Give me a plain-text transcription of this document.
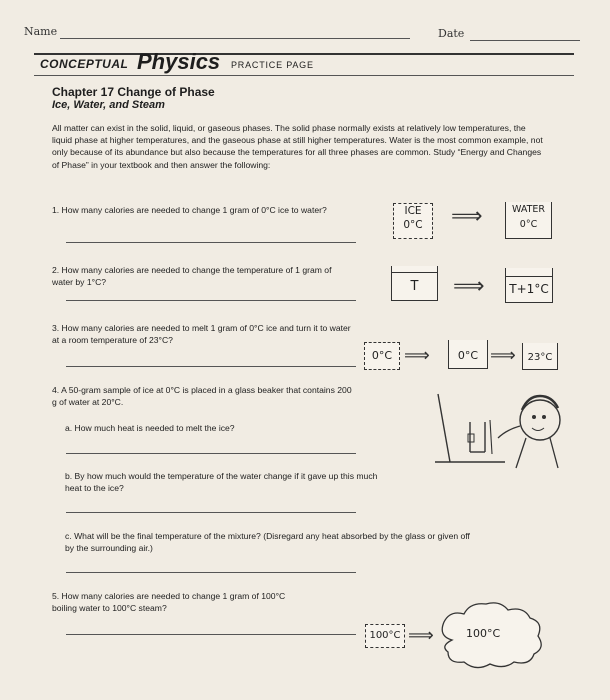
Name	Date
CONCEPTUAL Physics PRACTICE PAGE
Chapter 17 Change of Phase
Ice, Water, and Steam
All matter can exist in the solid, liquid, or gaseous phases. The solid phase normally exists at relatively low temperatures, the liquid phase at higher temperatures, and the gaseous phase at still higher temperatures. Water is the most common example, not only because of its abundance but also because the temperatures for all three phases are common. Study “Energy and Changes of Phase” in your textbook and then answer the following:
1. How many calories are needed to change 1 gram of 0°C ice to water?	ICE
0°C	⟹	WATER
0°C
2. How many calories are needed to change the temperature of 1 gram of water by 1°C?	T	⟹	T+1°C
3. How many calories are needed to melt 1 gram of 0°C ice and turn it to water at a room temperature of 23°C?
0°C ⟹	0°C ⟹	23°C
4. A 50-gram sample of ice at 0°C is placed in a glass beaker that contains 200 g of water at 20°C.
a. How much heat is needed to melt the ice?
b. By how much would the temperature of the water change if it gave up this much heat to the ice?
c. What will be the final temperature of the mixture? (Disregard any heat absorbed by the glass or given off by the surrounding air.)
5. How many calories are needed to change 1 gram of 100°C boiling water to 100°C steam?
100°C ⟹	100°C
